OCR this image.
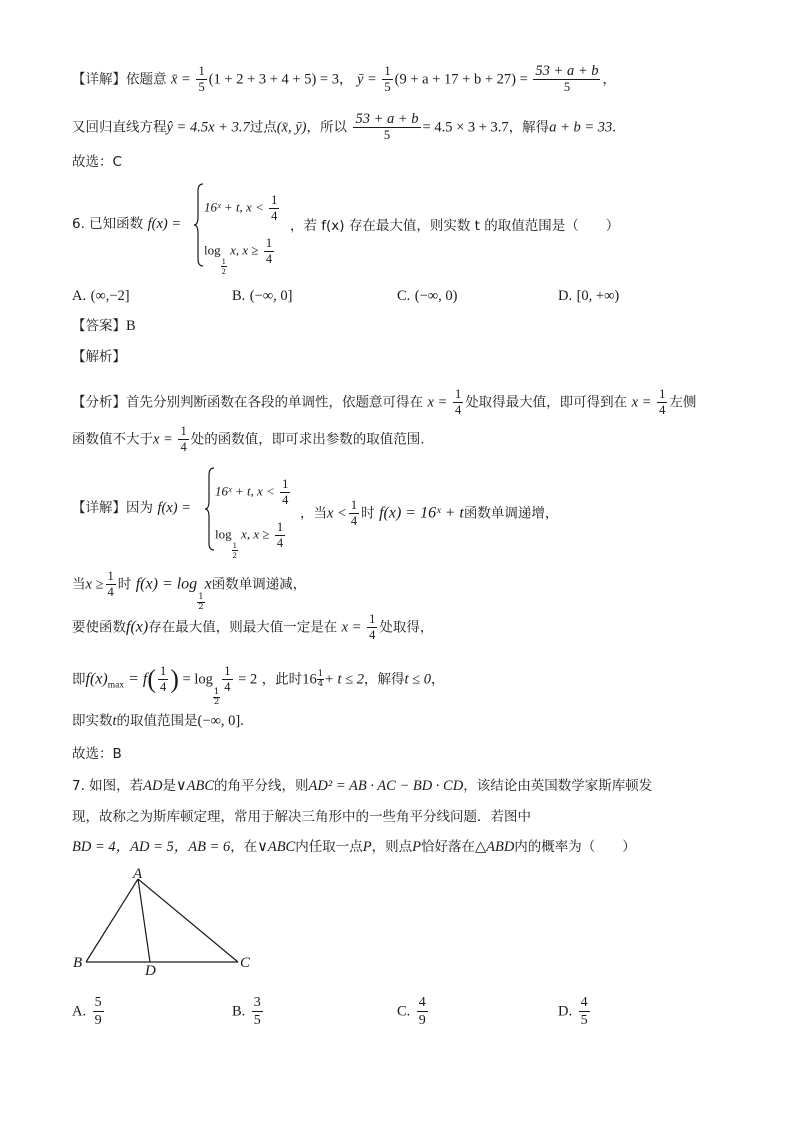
【详解】依题意 x̄ = $\frac{1}{5} (1 + 2 + 3 + 4 + 5) = 3$， ȳ = $\frac{1}{5} (9 + a + 17 + b + 27) = \frac{53 + a + b}{5}$ ，
又回归直线方程ŷ = 4.5x + 3.7过点(x̄, ȳ)，所以 $\frac{53 + a + b}{5} = 4.5 \times 3 + 3.7$，解得a + b = 33.
故选：C
6. 已知函数 f(x) =
16ˣ + t, $x < \frac{1}{4}$
log
$\frac{1}{2}$
x, $x \ge \frac{1}{4}$
，若 f(x) 存在最大值，则实数 t 的取值范围是（　　）
A. (∞,−2]	B. (−∞, 0]	C. (−∞, 0)	D. [0, +∞)
【答案】B
【解析】
【分析】首先分别判断函数在各段的单调性，依题意可得在 $x = \frac{1}{4}$ 处取得最大值，即可得到在 $x = \frac{1}{4}$ 左侧
函数值不大于$x = \frac{1}{4}$ 处的函数值，即可求出参数的取值范围.
【详解】因为 f(x) =
16ˣ + t, $x < \frac{1}{4}$
log
$\frac{1}{2}$
x, $x \ge \frac{1}{4}$
，当$x < \frac{1}{4}$ 时 f(x) = 16ˣ + t函数单调递增，
当$x \ge \frac{1}{4}$ 时 f(x) = log
$\frac{1}{2}$
x函数单调递减，
要使函数f(x)存在最大值，则最大值一定是在 $x = \frac{1}{4}$ 处取得，
即$f(x)_{max} = f( \frac{1}{4}$ ) = log
$\frac{1}{2}$
$\frac{1}{4} = 2$ ，此时$16 \frac{1}{4} + t \le 2$，解得t ≤ 0，
即实数t的取值范围是(−∞, 0].
故选：B
7. 如图，若AD是∨ABC的角平分线，则AD² = AB · AC − BD · CD，该结论由英国数学家斯库顿发
现，故称之为斯库顿定理，常用于解决三角形中的一些角平分线问题．若图中
BD = 4，AD = 5，AB = 6，在∨ABC内任取一点P，则点P恰好落在△ABD内的概率为（　　）
A
B	C
D
A. $\frac{5}{9}$	B. $\frac{3}{5}$	C. $\frac{4}{9}$	D. $\frac{4}{5}$
